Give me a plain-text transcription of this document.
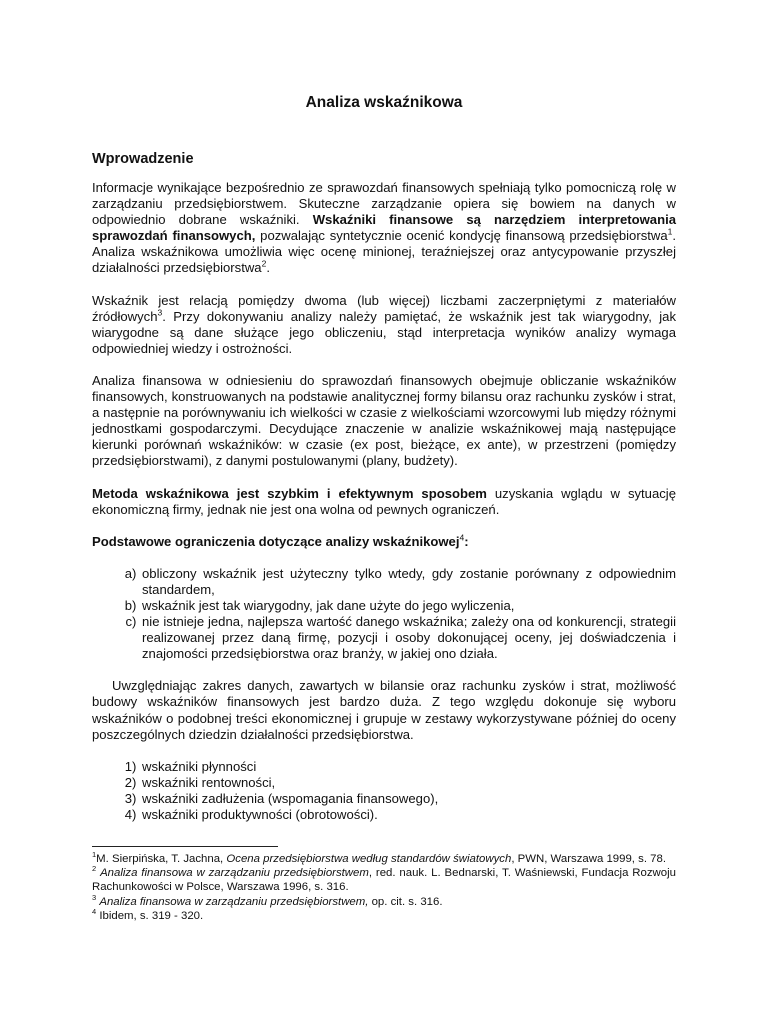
Analiza wskaźnikowa
Wprowadzenie

Informacje wynikające bezpośrednio ze sprawozdań finansowych spełniają tylko pomocniczą rolę w zarządzaniu przedsiębiorstwem. Skuteczne zarządzanie opiera się bowiem na danych w odpowiednio dobrane wskaźniki. Wskaźniki finansowe są narzędziem interpretowania sprawozdań finansowych, pozwalając syntetycznie ocenić kondycję finansową przedsiębiorstwa$^1$. Analiza wskaźnikowa umożliwia więc ocenę minionej, teraźniejszej oraz antycypowanie przyszłej działalności przedsiębiorstwa$^2$.

Wskaźnik jest relacją pomiędzy dwoma (lub więcej) liczbami zaczerpniętymi z materiałów źródłowych$^3$. Przy dokonywaniu analizy należy pamiętać, że wskaźnik jest tak wiarygodny, jak wiarygodne są dane służące jego obliczeniu, stąd interpretacja wyników analizy wymaga odpowiedniej wiedzy i ostrożności.

Analiza finansowa w odniesieniu do sprawozdań finansowych obejmuje obliczanie wskaźników finansowych, konstruowanych na podstawie analitycznej formy bilansu oraz rachunku zysków i strat, a następnie na porównywaniu ich wielkości w czasie z wielkościami wzorcowymi lub między różnymi jednostkami gospodarczymi. Decydujące znaczenie w analizie wskaźnikowej mają następujące kierunki porównań wskaźników: w czasie (ex post, bieżące, ex ante), w przestrzeni (pomiędzy przedsiębiorstwami), z danymi postulowanymi (plany, budżety).

Metoda wskaźnikowa jest szybkim i efektywnym sposobem uzyskania wglądu w sytuację ekonomiczną firmy, jednak nie jest ona wolna od pewnych ograniczeń.

Podstawowe ograniczenia dotyczące analizy wskaźnikowej$^4$:

a. obliczony wskaźnik jest użyteczny tylko wtedy, gdy zostanie porównany z odpowiednim standardem,
b. wskaźnik jest tak wiarygodny, jak dane użyte do jego wyliczenia,
c. nie istnieje jedna, najlepsza wartość danego wskaźnika; zależy ona od konkurencji, strategii realizowanej przez daną firmę, pozycji i osoby dokonującej oceny, jej doświadczenia i znajomości przedsiębiorstwa oraz branży, w jakiej ono działa.

Uwzględniając zakres danych, zawartych w bilansie oraz rachunku zysków i strat, możliwość budowy wskaźników finansowych jest bardzo duża. Z tego względu dokonuje się wyboru wskaźników o podobnej treści ekonomicznej i grupuje w zestawy wykorzystywane później do oceny poszczególnych dziedzin działalności przedsiębiorstwa.

1. wskaźniki płynności
2. wskaźniki rentowności,
3. wskaźniki zadłużenia (wspomagania finansowego),
4. wskaźniki produktywności (obrotowości).

$^1$M. Sierpińska, T. Jachna, Ocena przedsiębiorstwa według standardów światowych, PWN, Warszawa 1999, s. 78.

$^2$ Analiza finansowa w zarządzaniu przedsiębiorstwem, red. nauk. L. Bednarski, T. Waśniewski, Fundacja Rozwoju Rachunkowości w Polsce, Warszawa 1996, s. 316.

$^3$ Analiza finansowa w zarządzaniu przedsiębiorstwem, op. cit. s. 316.

$^4$ Ibidem, s. 319 - 320.
